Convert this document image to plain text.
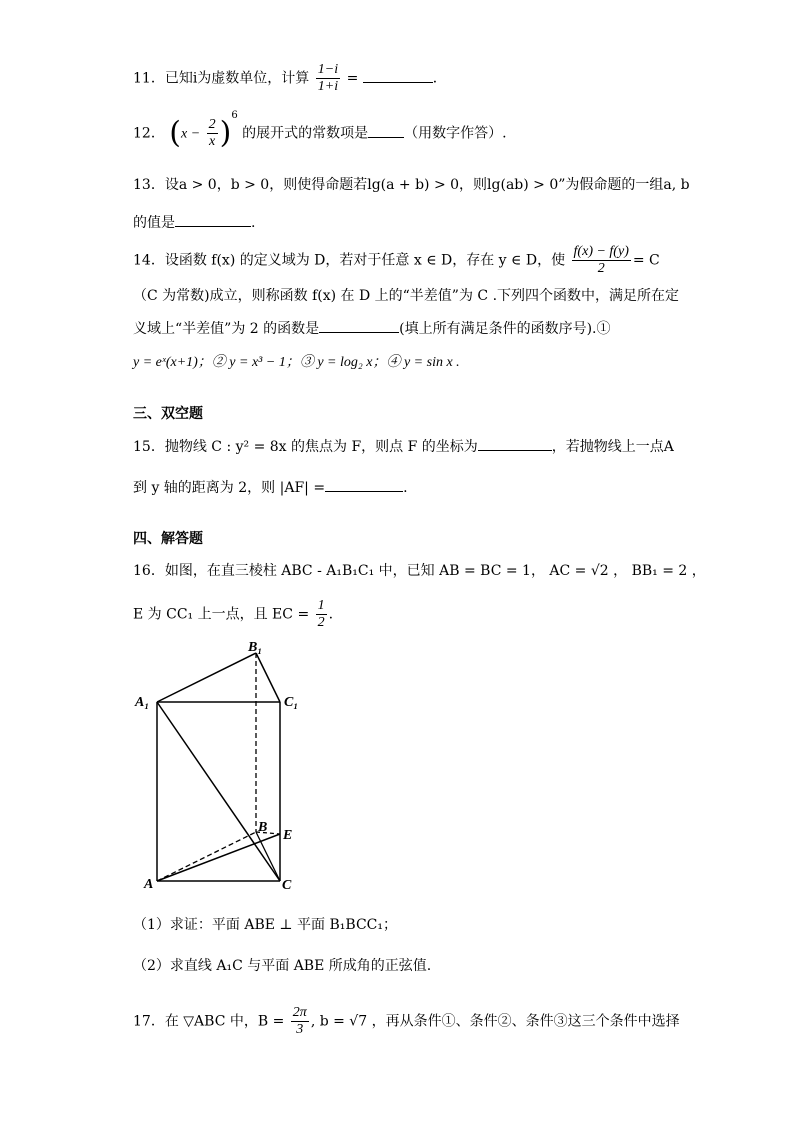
11．已知i为虚数单位，计算 $\frac{1-i}{1+i}$ =	．
12． $(x - \frac{2}{x} )^6$ 的展开式的常数项是	（用数字作答）.
13．设a > 0，b > 0，则使得命题若lg(a + b) > 0，则lg(ab) > 0”为假命题的一组a, b
的值是	.
14．设函数 f(x) 的定义域为 D，若对于任意 x ∈ D，存在 y ∈ D，使 $\frac{f(x) - f(y)}{2} = C$
（C 为常数)成立，则称函数 f(x) 在 D 上的“半差值”为 C .下列四个函数中，满足所在定
义域上“半差值”为 2 的函数是	(填上所有满足条件的函数序号).①
y = eˣ(x+1)；② y = x³ − 1；③ y = log₂ x；④ y = sin x .
三、双空题
15．抛物线 C : y² = 8x 的焦点为 F，则点 F 的坐标为	，若抛物线上一点A
到 y 轴的距离为 2，则 |AF| =	.
四、解答题
16．如图，在直三棱柱 ABC - A₁B₁C₁ 中，已知 AB = BC = 1， AC = √2 ， BB₁ = 2 ，
E 为 CC₁ 上一点，且 EC = $\frac{1}{2}$ .
B₁
A₁	C₁
B
E
A	C
（1）求证：平面 ABE ⊥ 平面 B₁BCC₁；
（2）求直线 A₁C 与平面 ABE 所成角的正弦值.
17．在 ▽ABC 中，$B = \frac{2\pi}{3}$ , b = √7 ，再从条件①、条件②、条件③这三个条件中选择
